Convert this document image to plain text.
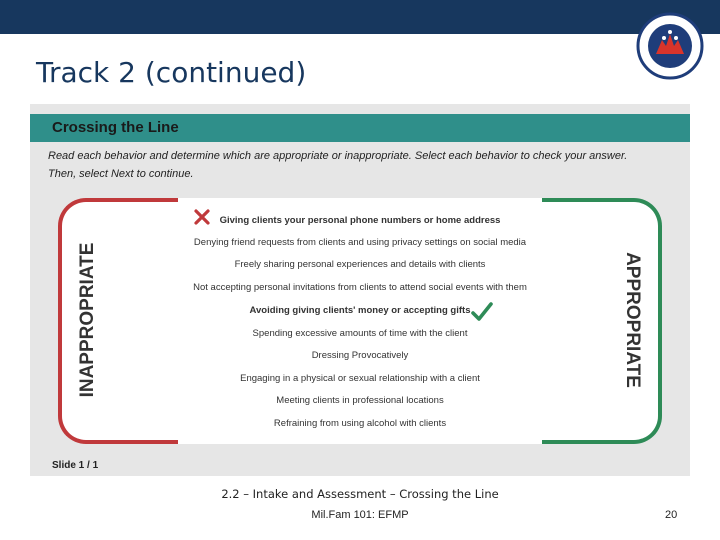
Track 2 (continued)
Crossing the Line
Read each behavior and determine which are appropriate or inappropriate. Select each behavior to check your answer.
Then, select Next to continue.
INAPPROPRIATE	APPROPRIATE
Giving clients your personal phone numbers or home address
Denying friend requests from clients and using privacy settings on social media
Freely sharing personal experiences and details with clients
Not accepting personal invitations from clients to attend social events with them
Avoiding giving clients' money or accepting gifts
Spending excessive amounts of time with the client
Dressing Provocatively
Engaging in a physical or sexual relationship with a client
Meeting clients in professional locations
Refraining from using alcohol with clients
Slide 1 / 1
2.2 – Intake and Assessment – Crossing the Line
Mil.Fam 101: EFMP	20
